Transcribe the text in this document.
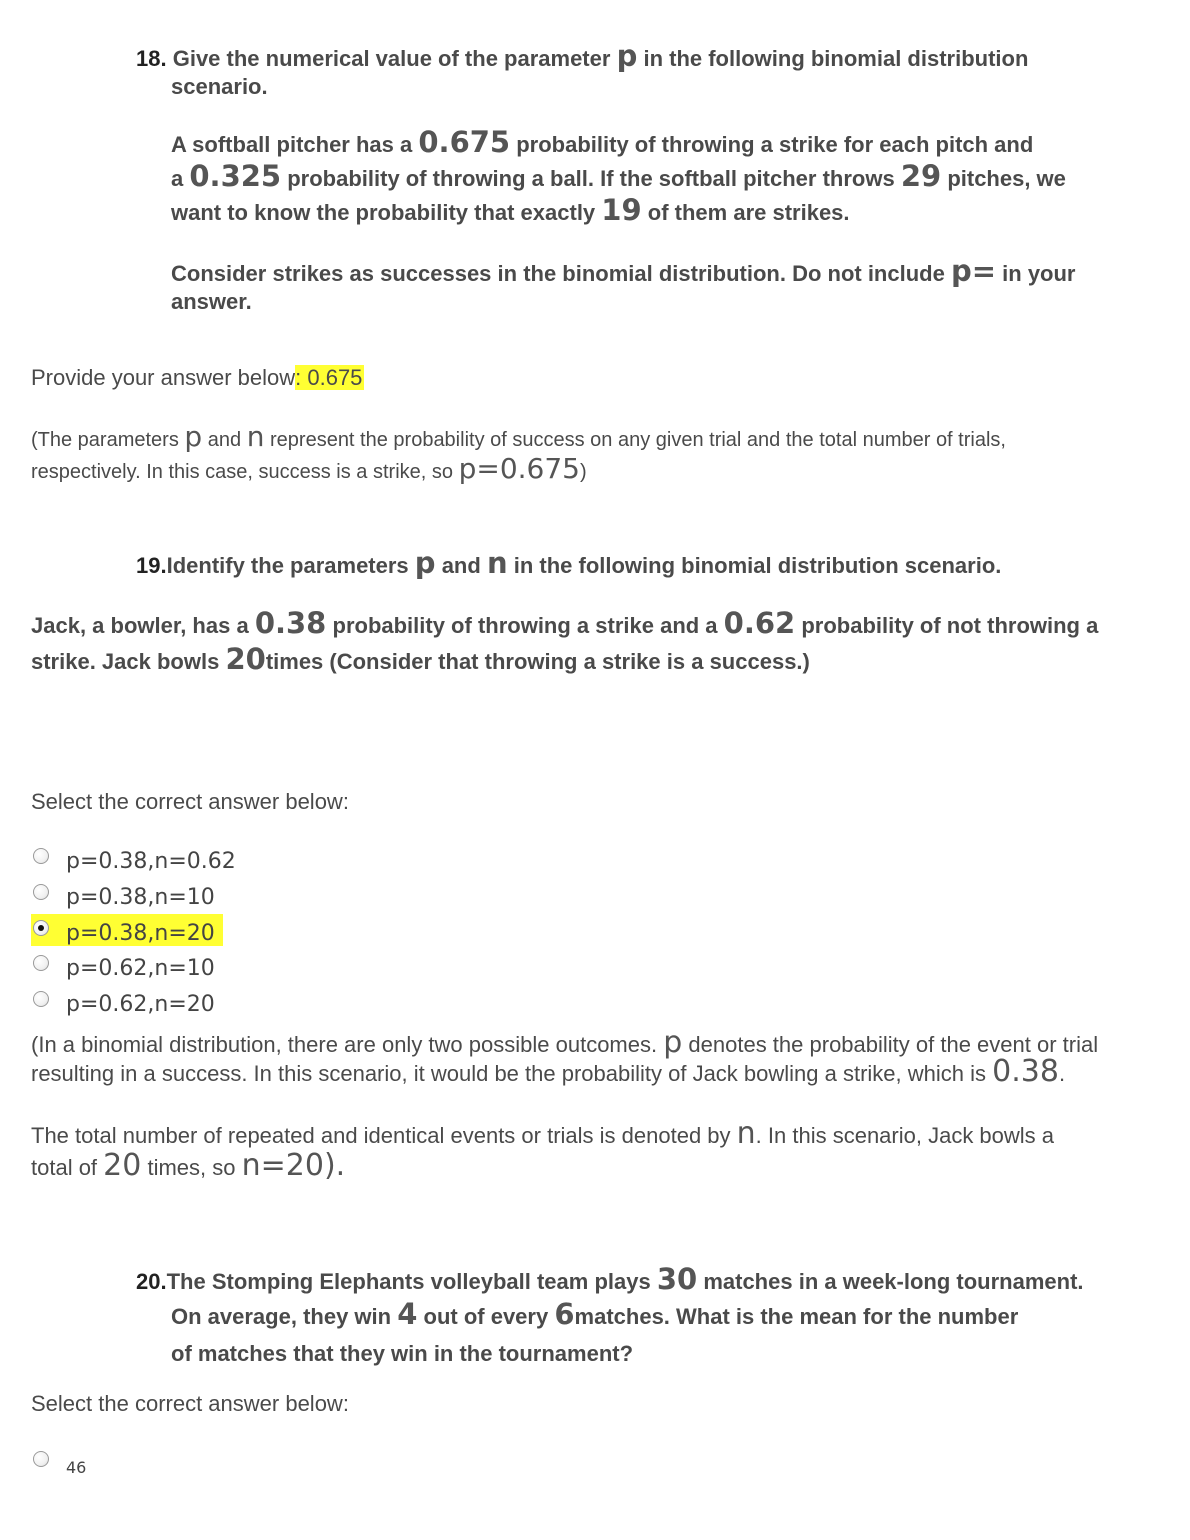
18. Give the numerical value of the parameter p in the following binomial distribution
scenario.
A softball pitcher has a 0.675 probability of throwing a strike for each pitch and
a 0.325 probability of throwing a ball. If the softball pitcher throws 29 pitches, we
want to know the probability that exactly 19 of them are strikes.
Consider strikes as successes in the binomial distribution. Do not include p= in your
answer.
Provide your answer below: 0.675
(The parameters p and n represent the probability of success on any given trial and the total number of trials,
respectively. In this case, success is a strike, so p=0.675)
19.Identify the parameters p and n in the following binomial distribution scenario.
Jack, a bowler, has a 0.38 probability of throwing a strike and a 0.62 probability of not throwing a
strike. Jack bowls 20times (Consider that throwing a strike is a success.)
Select the correct answer below:
p=0.38,n=0.62
p=0.38,n=10
p=0.38,n=20
p=0.62,n=10
p=0.62,n=20
(In a binomial distribution, there are only two possible outcomes. p denotes the probability of the event or trial
resulting in a success. In this scenario, it would be the probability of Jack bowling a strike, which is 0.38.
The total number of repeated and identical events or trials is denoted by n. In this scenario, Jack bowls a
total of 20 times, so n=20).
20.The Stomping Elephants volleyball team plays 30 matches in a week-long tournament.
On average, they win 4 out of every 6matches. What is the mean for the number
of matches that they win in the tournament?
Select the correct answer below:
46
